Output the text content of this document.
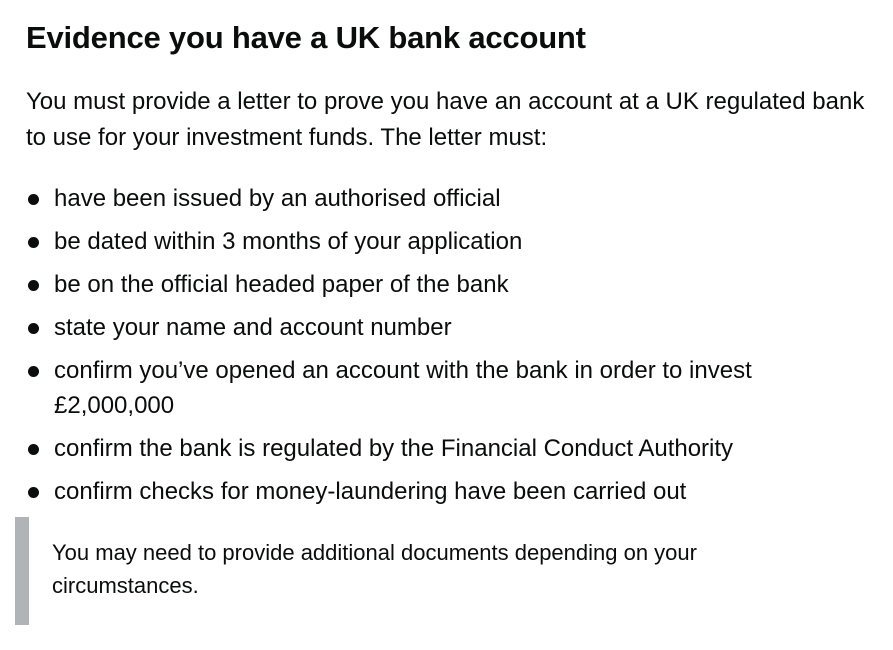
Evidence you have a UK bank account

You must provide a letter to prove you have an account at a UK regulated bank to use for your investment funds. The letter must:

have been issued by an authorised official
be dated within 3 months of your application
be on the official headed paper of the bank
state your name and account number
confirm you’ve opened an account with the bank in order to invest £2,000,000
confirm the bank is regulated by the Financial Conduct Authority
confirm checks for money-laundering have been carried out
You may need to provide additional documents depending on your circumstances.
